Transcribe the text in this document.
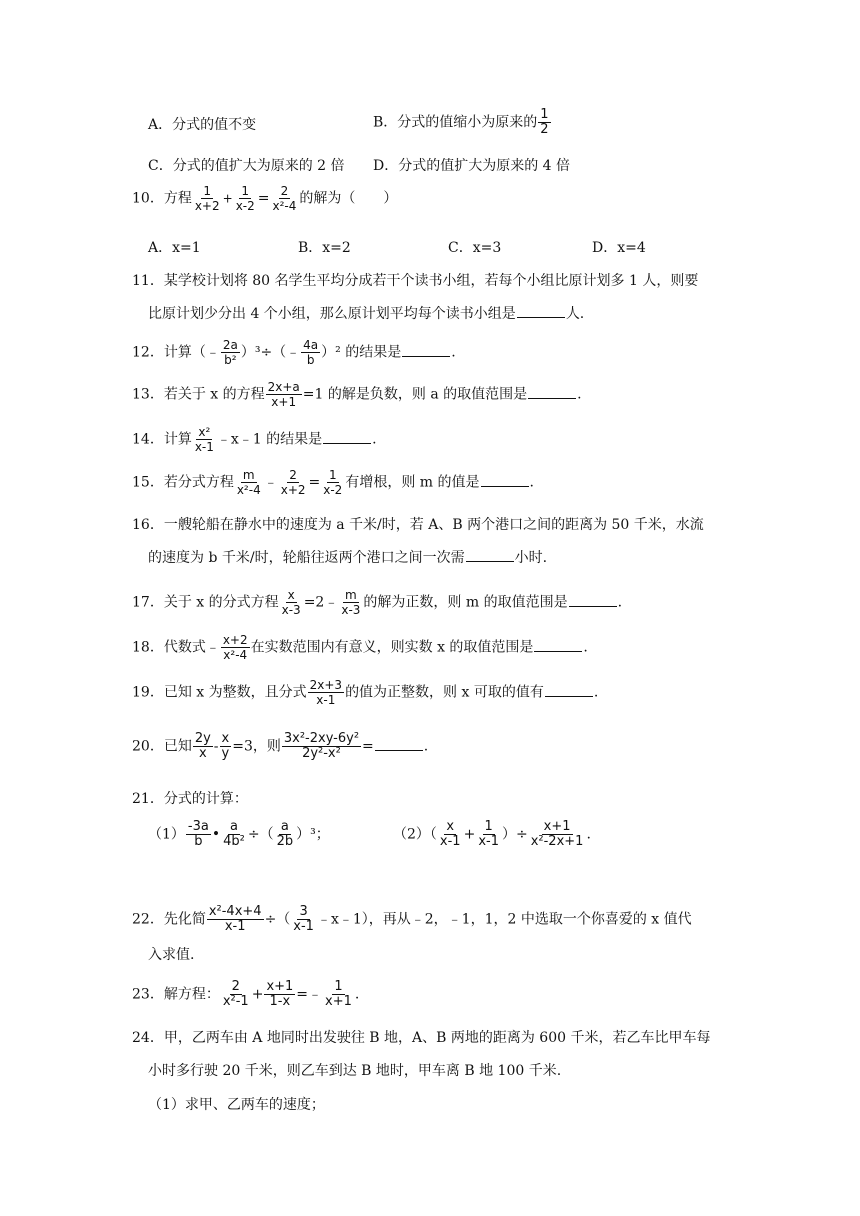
A．分式的值不变	B．分式的值缩小为原来的 $\frac{1}{2}$
C．分式的值扩大为原来的 2 倍 D．分式的值扩大为原来的 4 倍
10．方程 $\frac{1}{x+2} + \frac{1}{x-2} = \frac{2}{\text{x²-4}}$ 的解为（　　）
A．x=1	B．x=2	C．x=3	D．x=4
11．某学校计划将 80 名学生平均分成若干个读书小组，若每个小组比原计划多 1 人，则要
比原计划少分出 4 个小组，那么原计划平均每个读书小组是	人.
12．计算（﹣ $\frac{2a}{\text{b²}}$ ）³÷（﹣ $\frac{4a}{b} )^2$ 的结果是	.
13．若关于 x 的方程 $\frac{2x+a}{x+1} =1$ 的解是负数，则 a 的取值范围是	.
14．计算 $\frac{\text{x²}}{x-1}$ ﹣x﹣1 的结果是	.
15．若分式方程 $\frac{m}{\text{x²-4}}$ ﹣ $\frac{2}{x+2} = \frac{1}{x-2}$ 有增根，则 m 的值是	.
16．一艘轮船在静水中的速度为 a 千米/时，若 A、B 两个港口之间的距离为 50 千米，水流
的速度为 b 千米/时，轮船往返两个港口之间一次需	小时.
17．关于 x 的分式方程 $\frac{x}{x-3}$ =2﹣ $\frac{m}{x-3}$ 的解为正数，则 m 的取值范围是	.
18．代数式﹣ $\frac{x+2}{\text{x²-4}}$ 在实数范围内有意义，则实数 x 的取值范围是	.
19．已知 x 为整数，且分式 $\frac{2x+3}{x-1}$ 的值为正整数，则 x 可取的值有	.
20．已知 $\frac{2y}{x} - \frac{x}{y} =3$，则 $\frac{\text{3x²-2xy-6y²}}{\text{2y²-x²}}$ =	.
21．分式的计算：
$(1) \frac{-3a}{b}$ • $\frac{a}{\text{4b²}}$ ÷（ $\frac{a}{2b} )^3$；	$(2)( \frac{x}{x-1} + \frac{1}{x-1}$ ）÷ $\frac{x+1}{\text{x²-2x+1}}$ .
22．先化简 $\frac{\text{x²-4x+4}}{x-1}$ ÷（ $\frac{3}{x-1}$ ﹣x﹣1），再从﹣2，﹣1，1，2 中选取一个你喜爱的 x 值代
入求值.
23．解方程： $\frac{2}{\text{x²-1}} + \frac{x+1}{1-x}$ =﹣ $\frac{1}{x+1}$ .
24．甲，乙两车由 A 地同时出发驶往 B 地，A、B 两地的距离为 600 千米，若乙车比甲车每
小时多行驶 20 千米，则乙车到达 B 地时，甲车离 B 地 100 千米.
（1）求甲、乙两车的速度；
